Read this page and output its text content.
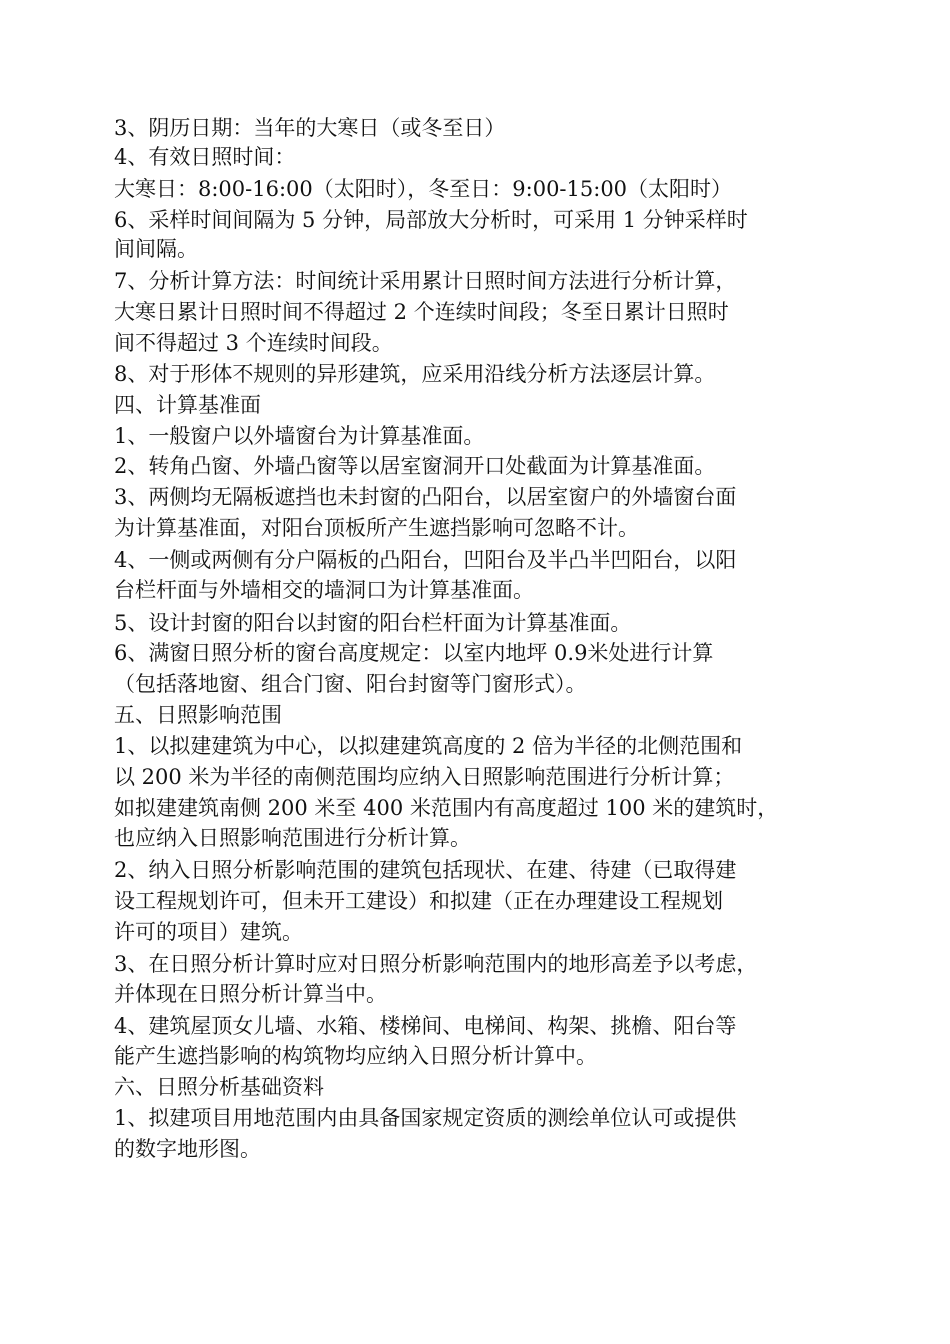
3、阴历日期：当年的大寒日（或冬至日）
4、有效日照时间：
大寒日：8:00-16:00（太阳时），冬至日：9:00-15:00（太阳时）
6、采样时间间隔为 5 分钟，局部放大分析时，可采用 1 分钟采样时
间间隔。
7、分析计算方法：时间统计采用累计日照时间方法进行分析计算，
大寒日累计日照时间不得超过 2 个连续时间段；冬至日累计日照时
间不得超过 3 个连续时间段。
8、对于形体不规则的异形建筑，应采用沿线分析方法逐层计算。
四、计算基准面
1、一般窗户以外墙窗台为计算基准面。
2、转角凸窗、外墙凸窗等以居室窗洞开口处截面为计算基准面。
3、两侧均无隔板遮挡也未封窗的凸阳台，以居室窗户的外墙窗台面
为计算基准面，对阳台顶板所产生遮挡影响可忽略不计。
4、一侧或两侧有分户隔板的凸阳台，凹阳台及半凸半凹阳台，以阳
台栏杆面与外墙相交的墙洞口为计算基准面。
5、设计封窗的阳台以封窗的阳台栏杆面为计算基准面。
6、满窗日照分析的窗台高度规定：以室内地坪 0.9米处进行计算
（包括落地窗、组合门窗、阳台封窗等门窗形式）。
五、日照影响范围
1、以拟建建筑为中心，以拟建建筑高度的 2 倍为半径的北侧范围和
以 200 米为半径的南侧范围均应纳入日照影响范围进行分析计算；
如拟建建筑南侧 200 米至 400 米范围内有高度超过 100 米的建筑时，
也应纳入日照影响范围进行分析计算。
2、纳入日照分析影响范围的建筑包括现状、在建、待建（已取得建
设工程规划许可，但未开工建设）和拟建（正在办理建设工程规划
许可的项目）建筑。
3、在日照分析计算时应对日照分析影响范围内的地形高差予以考虑，
并体现在日照分析计算当中。
4、建筑屋顶女儿墙、水箱、楼梯间、电梯间、构架、挑檐、阳台等
能产生遮挡影响的构筑物均应纳入日照分析计算中。
六、日照分析基础资料
1、拟建项目用地范围内由具备国家规定资质的测绘单位认可或提供
的数字地形图。
